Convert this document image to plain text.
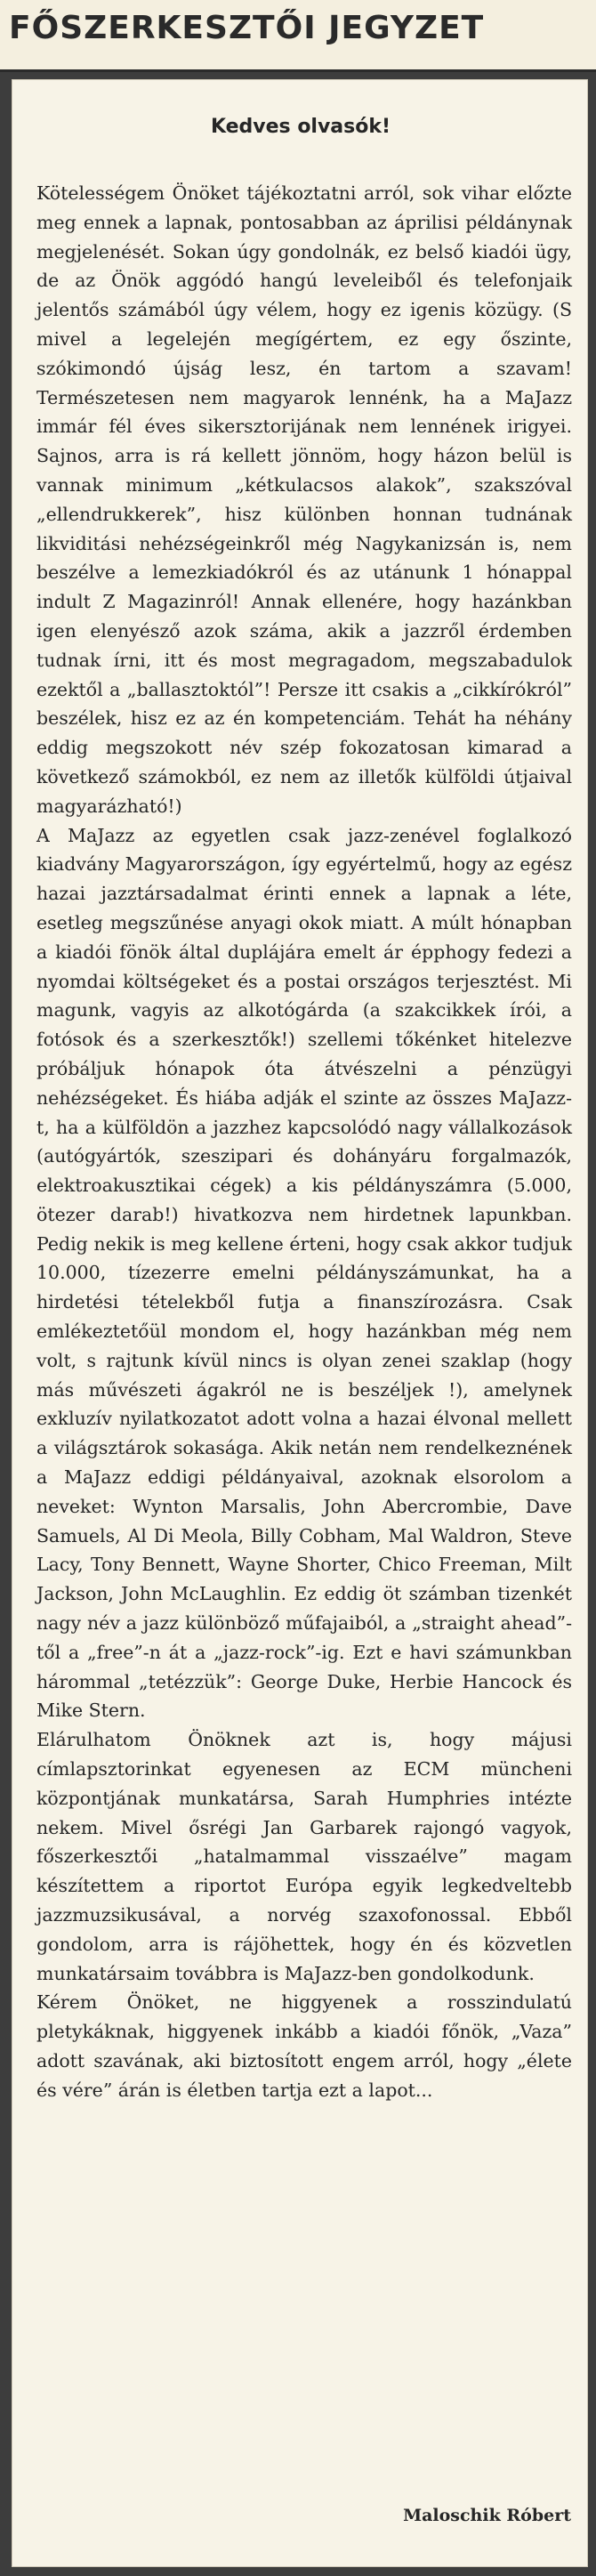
FŐSZERKESZTŐI JEGYZET
Kedves olvasók!

Kötelességem Önöket tájékoztatni arról, sok vihar előzte meg ennek a lapnak, pontosabban az áprilisi példánynak megjelenését. Sokan úgy gondolnák, ez belső kiadói ügy, de az Önök aggódó hangú leveleiből és telefonjaik jelentős számából úgy vélem, hogy ez igenis közügy. (S mivel a legelején megígértem, ez egy őszinte, szókimondó újság lesz, én tartom a szavam! Természetesen nem magyarok lennénk, ha a MaJazz immár fél éves sikersztorijának nem lennének irigyei. Sajnos, arra is rá kellett jönnöm, hogy házon belül is vannak minimum „kétkulacsos alakok”, szakszóval „ellendrukkerek”, hisz különben honnan tudnának likviditási nehézségeinkről még Nagykanizsán is, nem beszélve a lemezkiadókról és az utánunk 1 hónappal indult Z Magazinról! Annak ellenére, hogy hazánkban igen elenyésző azok száma, akik a jazzről érdemben tudnak írni, itt és most megragadom, megszabadulok ezektől a „ballasztoktól”! Persze itt csakis a „cikkírókról” beszélek, hisz ez az én kompetenciám. Tehát ha néhány eddig megszokott név szép fokozatosan kimarad a következő számokból, ez nem az illetők külföldi útjaival magyarázható!)

A MaJazz az egyetlen csak jazz-zenével foglalkozó kiadvány Magyarországon, így egyértelmű, hogy az egész hazai jazztársadalmat érinti ennek a lapnak a léte, esetleg megszűnése anyagi okok miatt. A múlt hónapban a kiadói fönök által duplájára emelt ár épphogy fedezi a nyomdai költségeket és a postai országos terjesztést. Mi magunk, vagyis az alkotógárda (a szakcikkek írói, a fotósok és a szerkesztők!) szellemi tőkénket hitelezve próbáljuk hónapok óta átvészelni a pénzügyi nehézségeket. És hiába adják el szinte az összes MaJazz-t, ha a külföldön a jazzhez kapcsolódó nagy vállalkozások (autógyártók, szeszipari és dohányáru forgalmazók, elektroakusztikai cégek) a kis példányszámra (5.000, ötezer darab!) hivatkozva nem hirdetnek lapunkban. Pedig nekik is meg kellene érteni, hogy csak akkor tudjuk 10.000, tízezerre emelni példányszámunkat, ha a hirdetési tételekből futja a finanszírozásra. Csak emlékeztetőül mondom el, hogy hazánkban még nem volt, s rajtunk kívül nincs is olyan zenei szaklap (hogy más művészeti ágakról ne is beszéljek !), amelynek exkluzív nyilatkozatot adott volna a hazai élvonal mellett a világsztárok sokasága. Akik netán nem rendelkeznének a MaJazz eddigi példányaival, azoknak elsorolom a neveket: Wynton Marsalis, John Abercrombie, Dave Samuels, Al Di Meola, Billy Cobham, Mal Waldron, Steve Lacy, Tony Bennett, Wayne Shorter, Chico Freeman, Milt Jackson, John McLaughlin. Ez eddig öt számban tizenkét nagy név a jazz különböző műfajaiból, a „straight ahead”-től a „free”-n át a „jazz-rock”-ig. Ezt e havi számunkban hárommal „tetézzük”: George Duke, Herbie Hancock és Mike Stern.

Elárulhatom Önöknek azt is, hogy májusi címlapsztorinkat egyenesen az ECM müncheni központjának munkatársa, Sarah Humphries intézte nekem. Mivel ősrégi Jan Garbarek rajongó vagyok, főszerkesztői „hatalmammal visszaélve” magam készítettem a riportot Európa egyik legkedveltebb jazzmuzsikusával, a norvég szaxofonossal. Ebből gondolom, arra is rájöhettek, hogy én és közvetlen munkatársaim továbbra is MaJazz-ben gondolkodunk.

Kérem Önöket, ne higgyenek a rosszindulatú pletykáknak, higgyenek inkább a kiadói főnök, „Vaza” adott szavának, aki biztosított engem arról, hogy „élete és vére” árán is életben tartja ezt a lapot...

Maloschik Róbert
